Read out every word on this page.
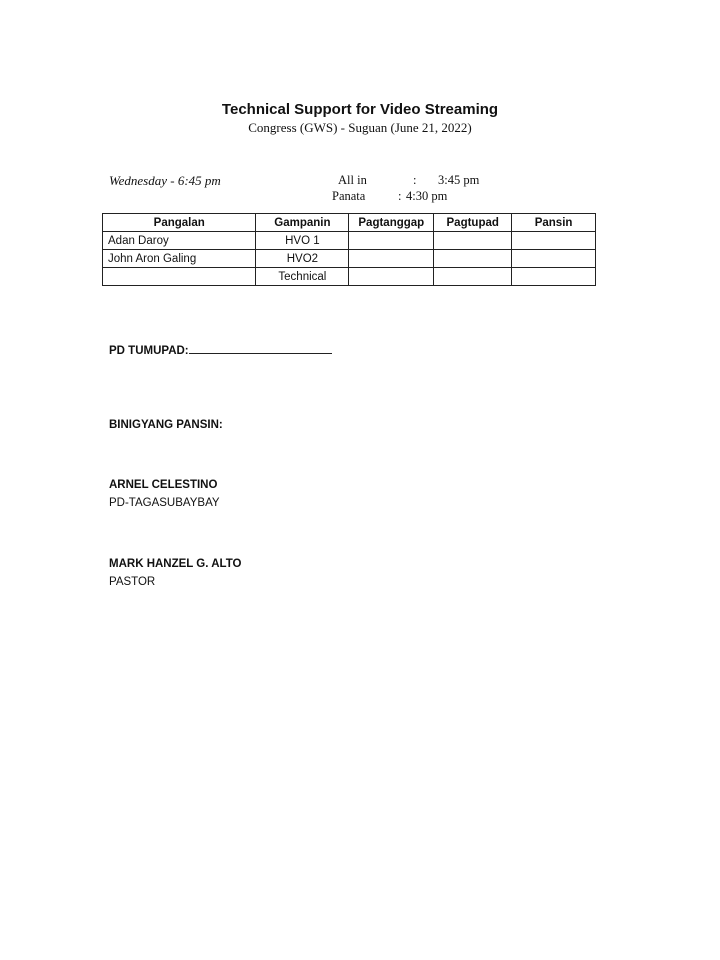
Technical Support for Video Streaming
Congress (GWS) - Suguan (June 21, 2022)
Wednesday - 6:45 pm	All in	: 3:45 pm
Panata	: 4:30 pm
Pangalan	Gampanin	Pagtanggap	Pagtupad	Pansin
Adan Daroy	HVO 1			
John Aron Galing	HVO2			
	Technical			
PD TUMUPAD:
BINIGYANG PANSIN:
ARNEL CELESTINO
PD-TAGASUBAYBAY
MARK HANZEL G. ALTO
PASTOR
